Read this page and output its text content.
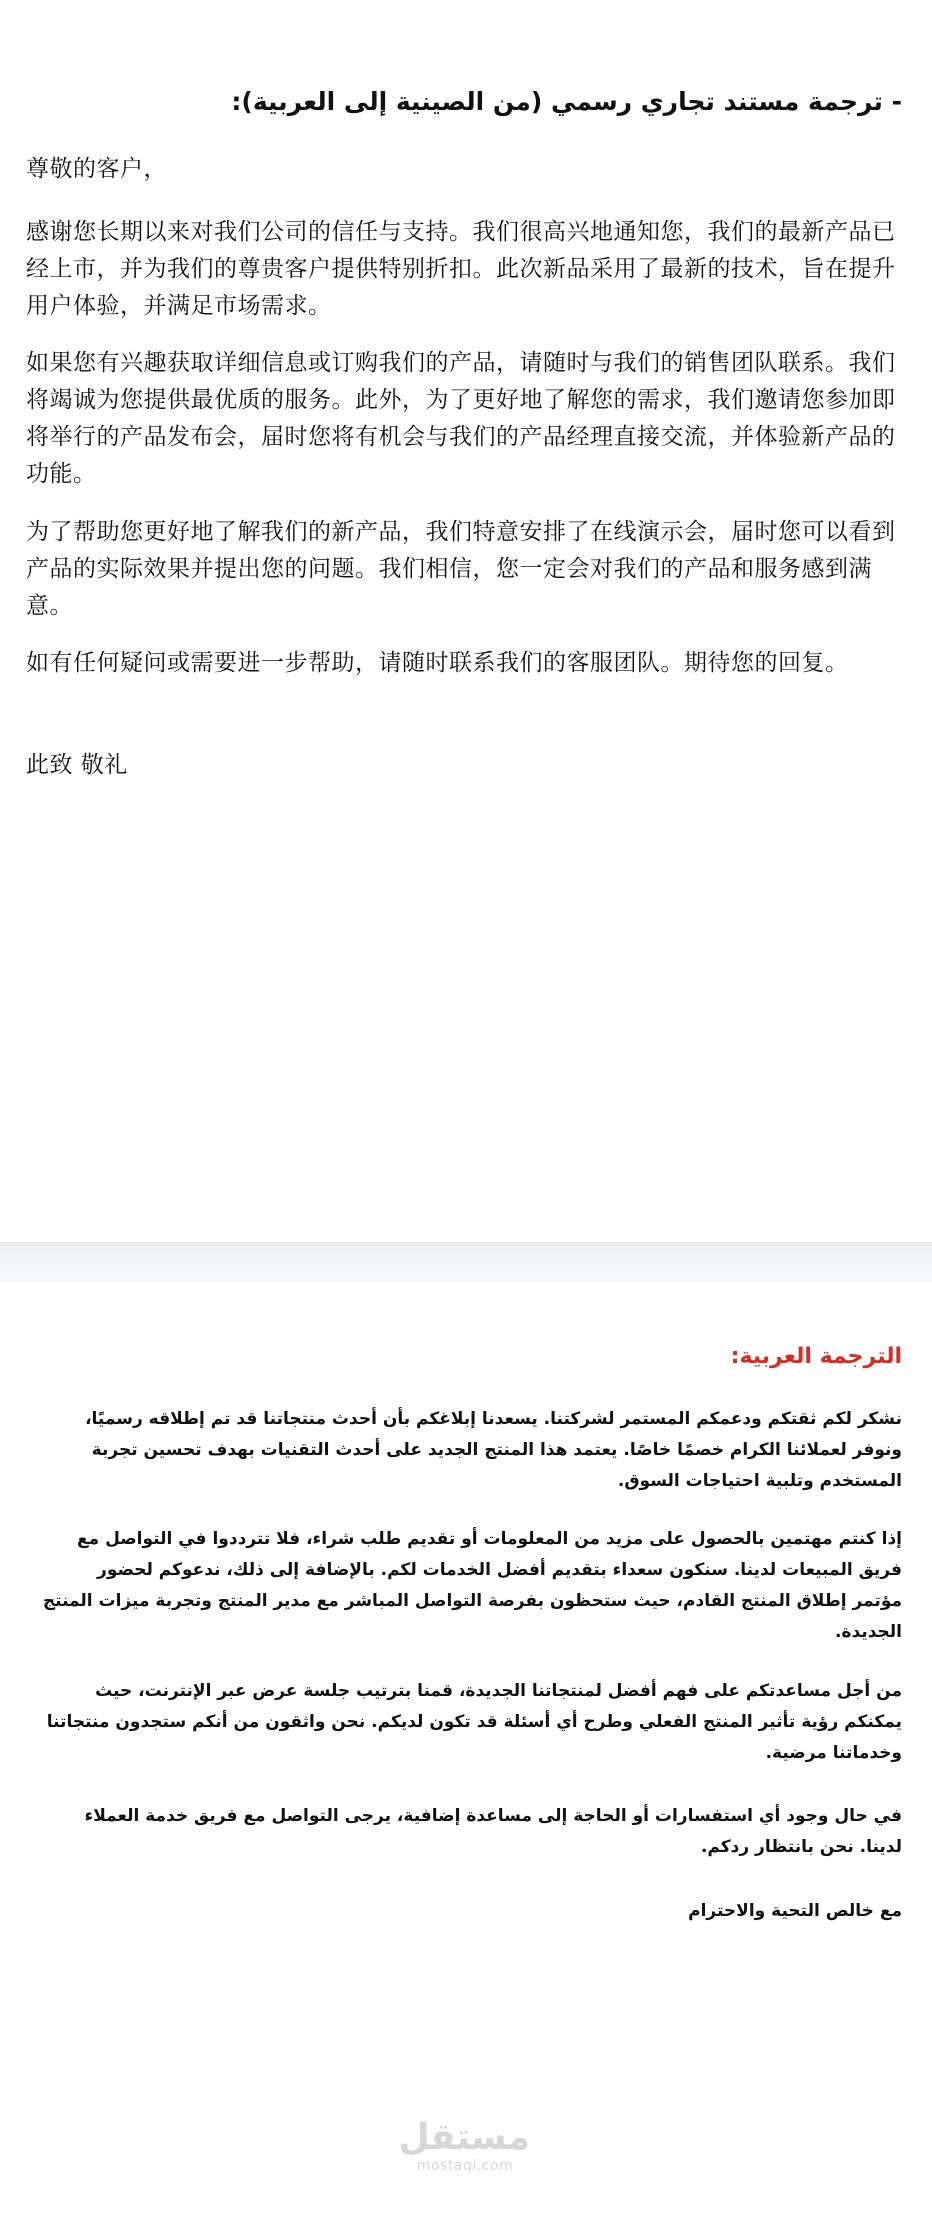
- ترجمة مستند تجاري رسمي (من الصينية إلى العربية):

尊敬的客户，

感谢您长期以来对我们公司的信任与支持。我们很高兴地通知您，我们的最新产品已经上市，并为我们的尊贵客户提供特别折扣。此次新品采用了最新的技术，旨在提升用户体验，并满足市场需求。

如果您有兴趣获取详细信息或订购我们的产品，请随时与我们的销售团队联系。我们将竭诚为您提供最优质的服务。此外，为了更好地了解您的需求，我们邀请您参加即将举行的产品发布会，届时您将有机会与我们的产品经理直接交流，并体验新产品的功能。

为了帮助您更好地了解我们的新产品，我们特意安排了在线演示会，届时您可以看到产品的实际效果并提出您的问题。我们相信，您一定会对我们的产品和服务感到满意。

如有任何疑问或需要进一步帮助，请随时联系我们的客服团队。期待您的回复。

此致 敬礼

الترجمة العربية:

نشكر لكم ثقتكم ودعمكم المستمر لشركتنا. يسعدنا إبلاغكم بأن أحدث منتجاتنا قد تم إطلاقه رسميًا، ونوفر لعملائنا الكرام خصمًا خاصًا. يعتمد هذا المنتج الجديد على أحدث التقنيات بهدف تحسين تجربة المستخدم وتلبية احتياجات السوق.

إذا كنتم مهتمين بالحصول على مزيد من المعلومات أو تقديم طلب شراء، فلا تترددوا في التواصل مع فريق المبيعات لدينا. سنكون سعداء بتقديم أفضل الخدمات لكم. بالإضافة إلى ذلك، ندعوكم لحضور مؤتمر إطلاق المنتج القادم، حيث ستحظون بفرصة التواصل المباشر مع مدير المنتج وتجربة ميزات المنتج الجديدة.

من أجل مساعدتكم على فهم أفضل لمنتجاتنا الجديدة، قمنا بترتيب جلسة عرض عبر الإنترنت، حيث يمكنكم رؤية تأثير المنتج الفعلي وطرح أي أسئلة قد تكون لديكم. نحن واثقون من أنكم ستجدون منتجاتنا وخدماتنا مرضية.

في حال وجود أي استفسارات أو الحاجة إلى مساعدة إضافية، يرجى التواصل مع فريق خدمة العملاء لدينا. نحن بانتظار ردكم.

مع خالص التحية والاحترام

مستقل
mostaqi.com
